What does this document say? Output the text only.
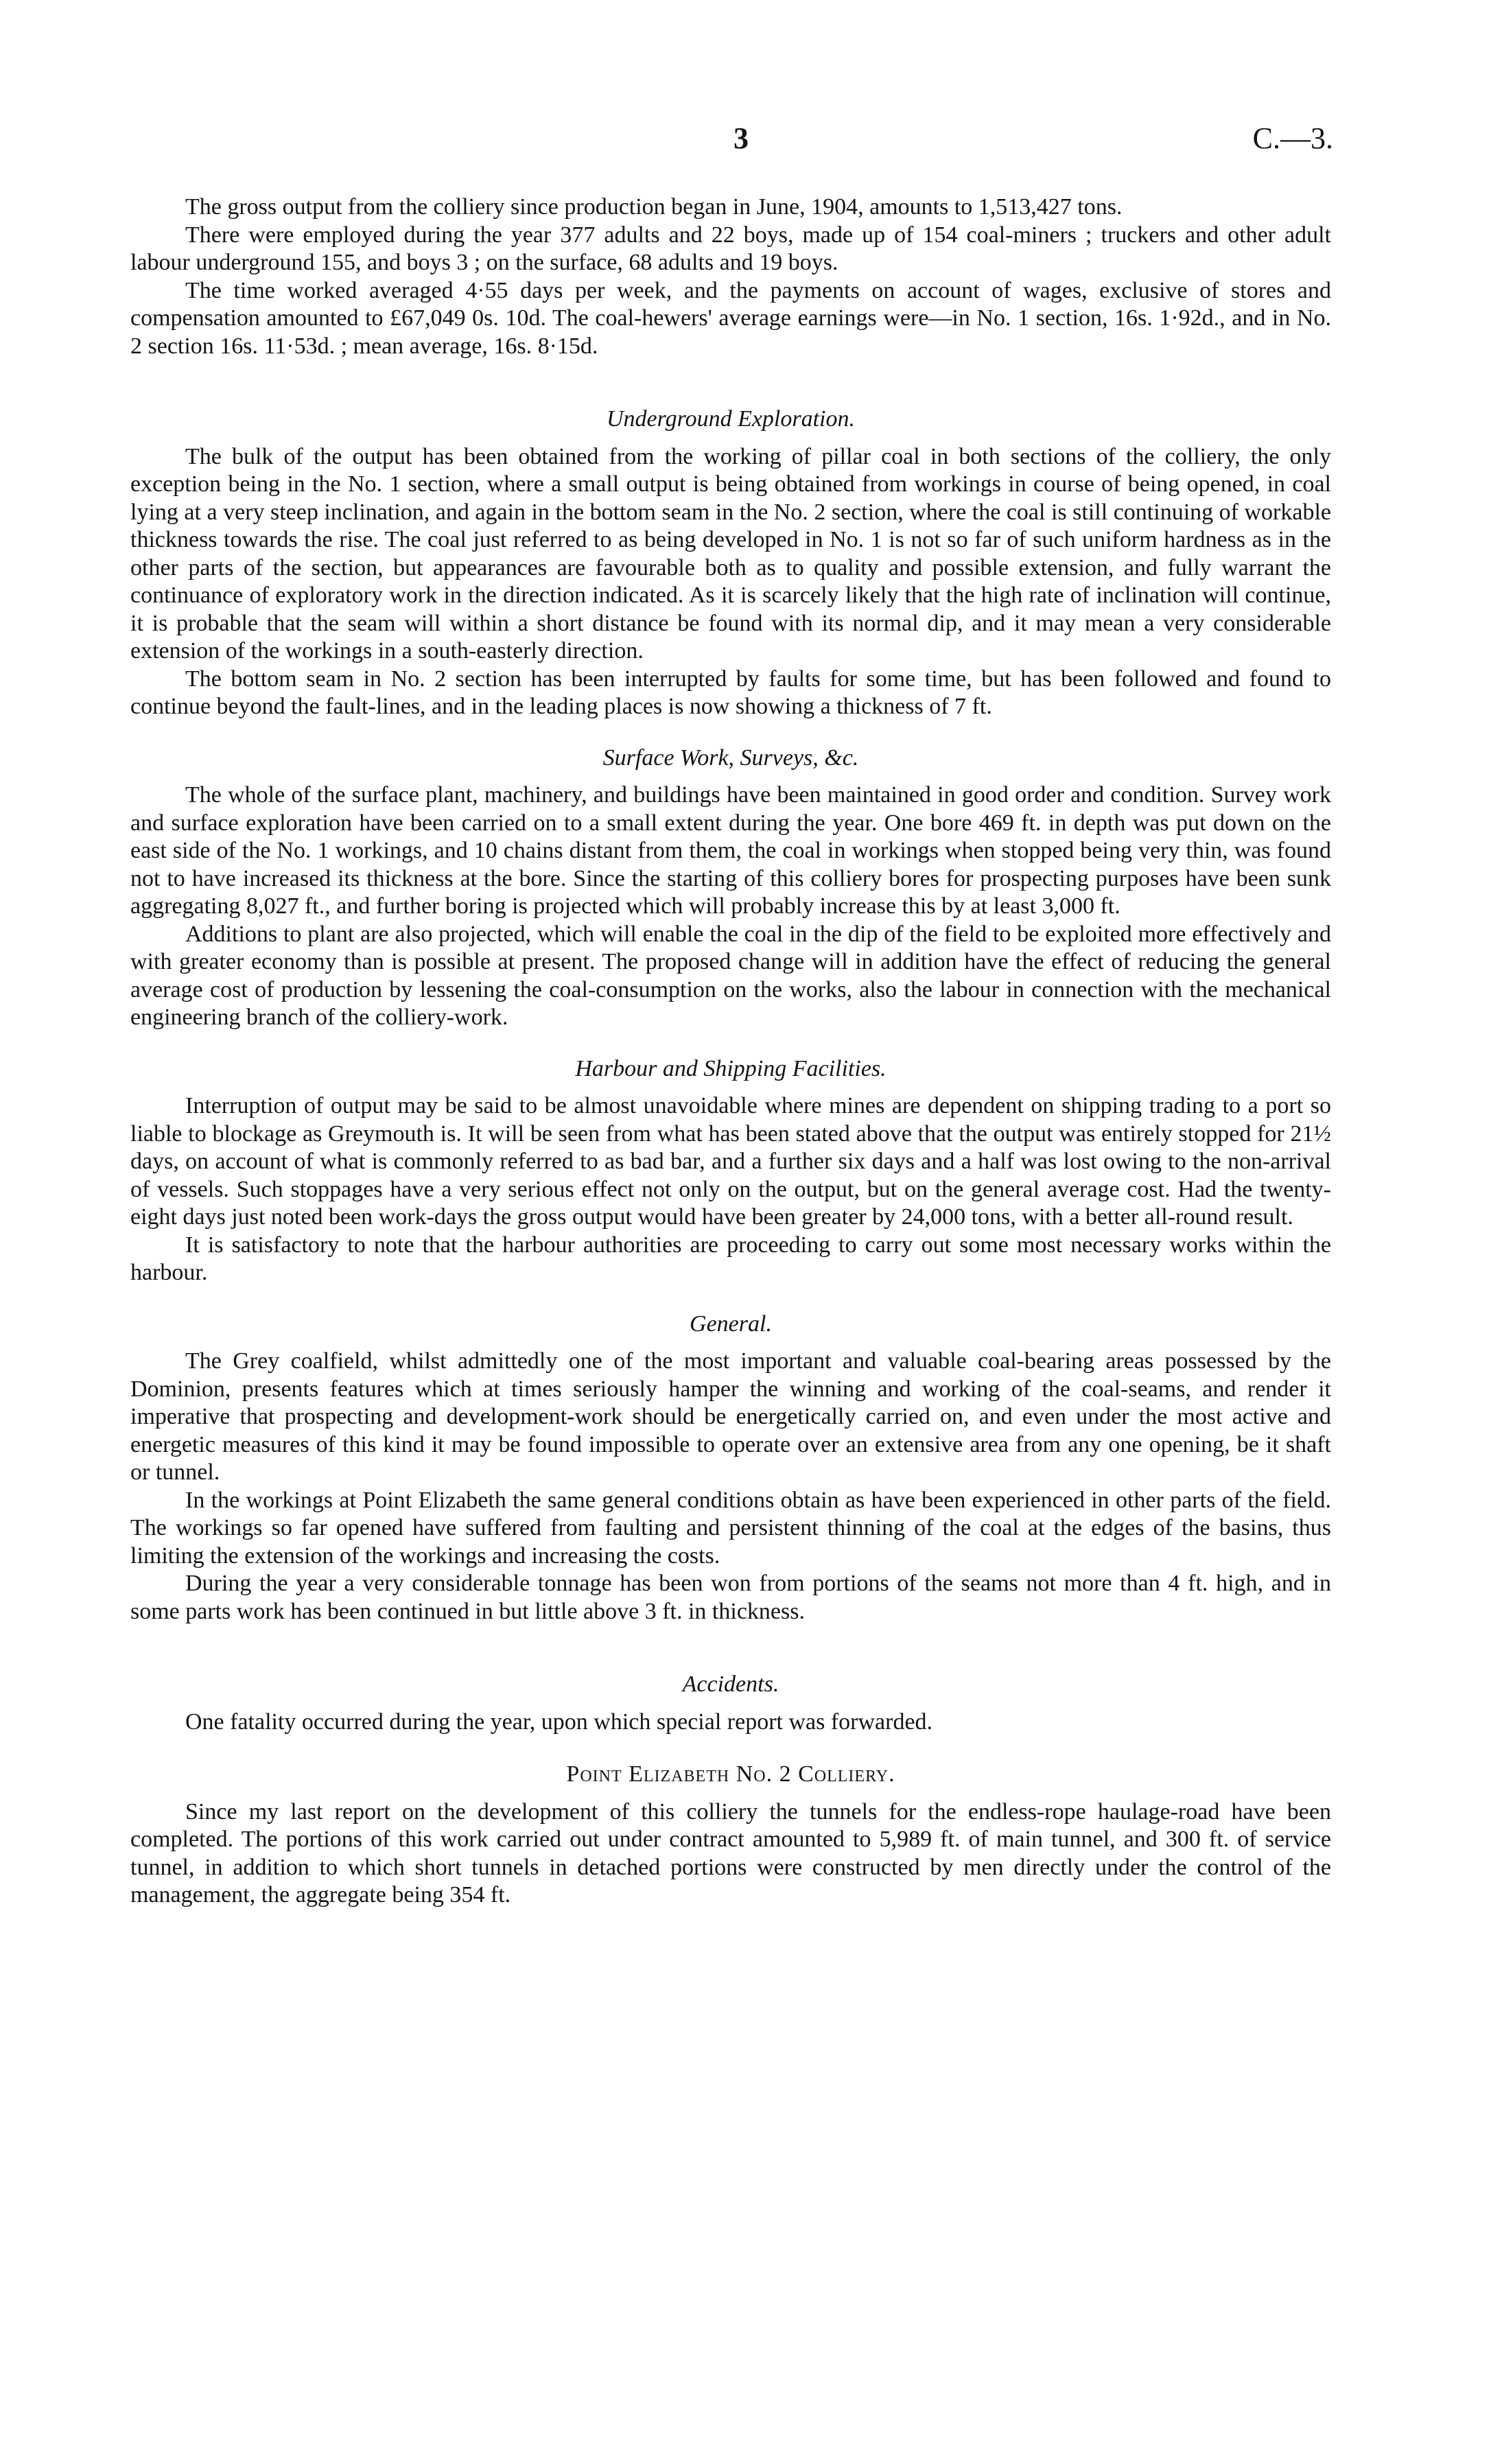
3	C.—3.

The gross output from the colliery since production began in June, 1904, amounts to 1,513,427 tons.

There were employed during the year 377 adults and 22 boys, made up of 154 coal-miners ; truckers and other adult labour underground 155, and boys 3 ; on the surface, 68 adults and 19 boys.

The time worked averaged 4·55 days per week, and the payments on account of wages, exclusive of stores and compensation amounted to £67,049 0s. 10d. The coal-hewers' average earnings were—in No. 1 section, 16s. 1·92d., and in No. 2 section 16s. 11·53d. ; mean average, 16s. 8·15d.

Underground Exploration.

The bulk of the output has been obtained from the working of pillar coal in both sections of the colliery, the only exception being in the No. 1 section, where a small output is being obtained from workings in course of being opened, in coal lying at a very steep inclination, and again in the bottom seam in the No. 2 section, where the coal is still continuing of workable thickness towards the rise. The coal just referred to as being developed in No. 1 is not so far of such uniform hardness as in the other parts of the section, but appearances are favourable both as to quality and possible extension, and fully warrant the continuance of exploratory work in the direction indicated. As it is scarcely likely that the high rate of inclination will continue, it is probable that the seam will within a short distance be found with its normal dip, and it may mean a very considerable extension of the workings in a south-easterly direction.

The bottom seam in No. 2 section has been interrupted by faults for some time, but has been followed and found to continue beyond the fault-lines, and in the leading places is now showing a thickness of 7 ft.

Surface Work, Surveys, &c.

The whole of the surface plant, machinery, and buildings have been maintained in good order and condition. Survey work and surface exploration have been carried on to a small extent during the year. One bore 469 ft. in depth was put down on the east side of the No. 1 workings, and 10 chains distant from them, the coal in workings when stopped being very thin, was found not to have increased its thickness at the bore. Since the starting of this colliery bores for prospecting purposes have been sunk aggregating 8,027 ft., and further boring is projected which will probably increase this by at least 3,000 ft.

Additions to plant are also projected, which will enable the coal in the dip of the field to be exploited more effectively and with greater economy than is possible at present. The proposed change will in addition have the effect of reducing the general average cost of production by lessening the coal-consumption on the works, also the labour in connection with the mechanical engineering branch of the colliery-work.

Harbour and Shipping Facilities.

Interruption of output may be said to be almost unavoidable where mines are dependent on shipping trading to a port so liable to blockage as Greymouth is. It will be seen from what has been stated above that the output was entirely stopped for 21½ days, on account of what is commonly referred to as bad bar, and a further six days and a half was lost owing to the non-arrival of vessels. Such stoppages have a very serious effect not only on the output, but on the general average cost. Had the twenty-eight days just noted been work-days the gross output would have been greater by 24,000 tons, with a better all-round result.

It is satisfactory to note that the harbour authorities are proceeding to carry out some most necessary works within the harbour.

General.

The Grey coalfield, whilst admittedly one of the most important and valuable coal-bearing areas possessed by the Dominion, presents features which at times seriously hamper the winning and working of the coal-seams, and render it imperative that prospecting and development-work should be energetically carried on, and even under the most active and energetic measures of this kind it may be found impossible to operate over an extensive area from any one opening, be it shaft or tunnel.

In the workings at Point Elizabeth the same general conditions obtain as have been experienced in other parts of the field. The workings so far opened have suffered from faulting and persistent thinning of the coal at the edges of the basins, thus limiting the extension of the workings and increasing the costs.

During the year a very considerable tonnage has been won from portions of the seams not more than 4 ft. high, and in some parts work has been continued in but little above 3 ft. in thickness.

Accidents.

One fatality occurred during the year, upon which special report was forwarded.

Point Elizabeth No. 2 Colliery.

Since my last report on the development of this colliery the tunnels for the endless-rope haulage-road have been completed. The portions of this work carried out under contract amounted to 5,989 ft. of main tunnel, and 300 ft. of service tunnel, in addition to which short tunnels in detached portions were constructed by men directly under the control of the management, the aggregate being 354 ft.
